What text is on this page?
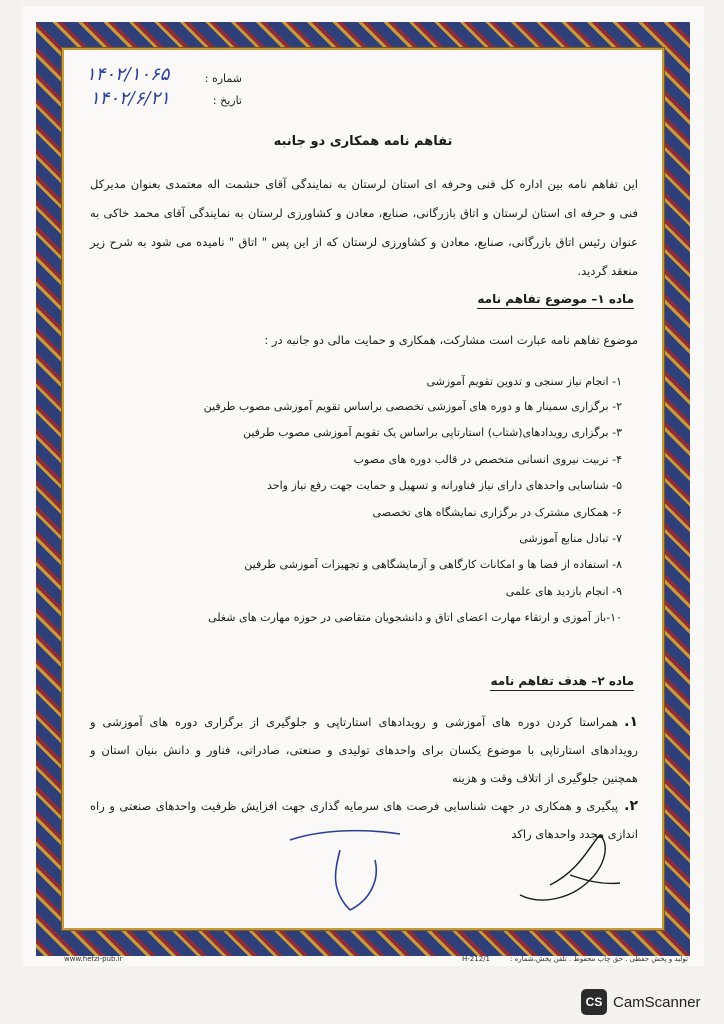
شماره :
۱۴۰۲/۱۰۶۵
تاریخ :
۱۴۰۲/۶/۲۱
تفاهم نامه همکاری دو جانبه
این تفاهم نامه بین اداره کل فنی وحرفه ای استان لرستان به نمایندگی آقای حشمت اله معتمدی بعنوان مدیرکل فنی و حرفه ای استان لرستان و اتاق بازرگانی، صنایع، معادن و کشاورزی لرستان به نمایندگی آقای محمد خاکی به عنوان رئیس اتاق بازرگانی، صنایع، معادن و کشاورزی لرستان که از این پس " اتاق " نامیده می شود به شرح زیر منعقد گردید.
ماده ۱– موضوع تفاهم نامه
موضوع تفاهم نامه عبارت است مشارکت، همکاری و حمایت مالی دو جانبه در :
۱- انجام نیاز سنجی و تدوین تقویم آموزشی
۲- برگزاری سمینار ها و دوره های آموزشی تخصصی براساس تقویم آموزشی مصوب طرفین
۳- برگزاری رویدادهای(شتاب) استارتاپی براساس یک تقویم آموزشی مصوب طرفین
۴- تربیت نیروی انسانی متخصص در قالب دوره های مصوب
۵- شناسایی واحدهای دارای نیاز فناورانه و تسهیل و حمایت جهت رفع نیاز واحد
۶- همکاری مشترک در برگزاری نمایشگاه های تخصصی
۷- تبادل منابع آموزشی
۸- استفاده از فضا ها و امکانات کارگاهی و آزمایشگاهی و تجهیزات آموزشی طرفین
۹- انجام بازدید های علمی
۱۰-باز آموزی و ارتقاء مهارت اعضای اتاق و دانشجویان متقاضی در حوزه مهارت های شغلی
ماده ۲– هدف تفاهم نامه
۱.همراستا کردن دوره های آموزشی و رویدادهای استارتاپی و جلوگیری از برگزاری دوره های آموزشی و رویدادهای استارتاپی با موضوع یکسان برای واحدهای تولیدی و صنعتی، صادراتی، فناور و دانش بنیان استان و همچنین جلوگیری از اتلاف وقت و هزینه
۲.پیگیری و همکاری در جهت شناسایی فرصت های سرمایه گذاری جهت افزایش ظرفیت واحدهای صنعتی و راه اندازی مجدد واحدهای راکد
www.hefzi-pub.ir	H-212/1	تولید و پخش حفظی . حق چاپ محفوظ . تلفن پخش،شماره :
CS CamScanner
